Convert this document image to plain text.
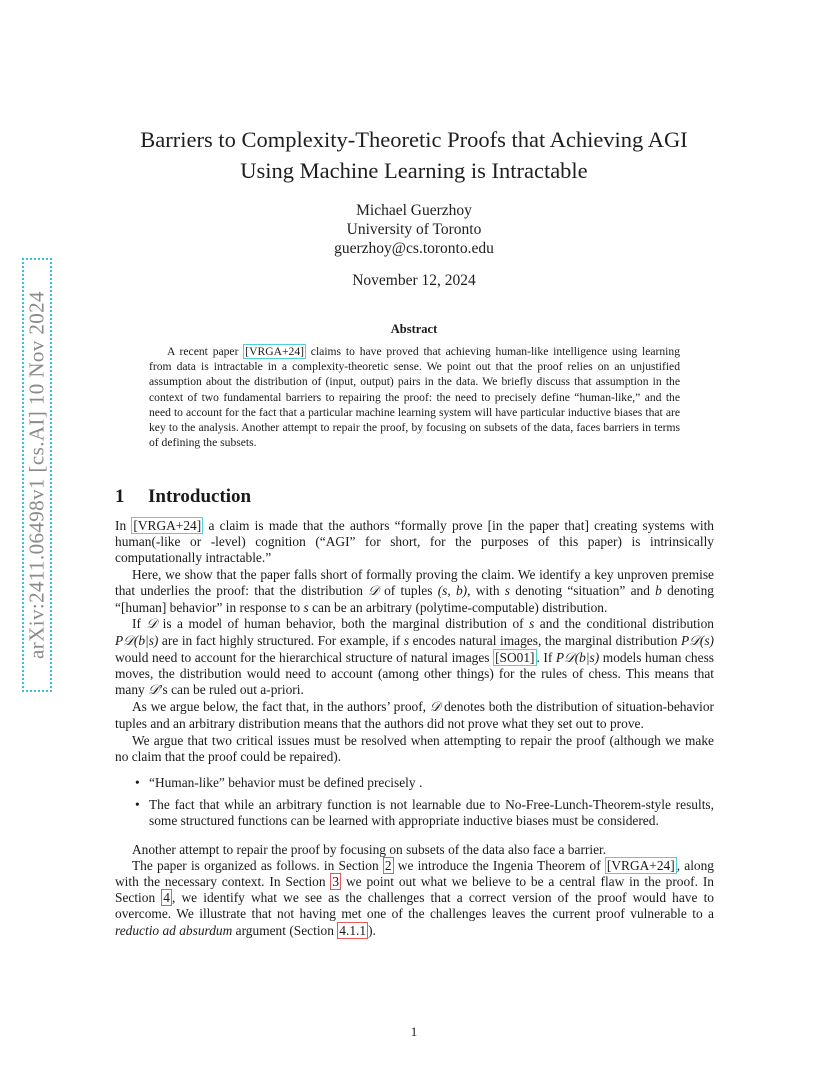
arXiv:2411.06498v1 [cs.AI] 10 Nov 2024
Barriers to Complexity-Theoretic Proofs that Achieving AGI
Using Machine Learning is Intractable
Michael Guerzhoy
University of Toronto
guerzhoy@cs.toronto.edu
November 12, 2024
Abstract
A recent paper [VRGA+24] claims to have proved that achieving human-like intelligence using learning from data is intractable in a complexity-theoretic sense. We point out that the proof relies on an unjustified assumption about the distribution of (input, output) pairs in the data. We briefly discuss that assumption in the context of two fundamental barriers to repairing the proof: the need to precisely define “human-like,” and the need to account for the fact that a particular machine learning system will have particular inductive biases that are key to the analysis. Another attempt to repair the proof, by focusing on subsets of the data, faces barriers in terms of defining the subsets.
1 Introduction

In [VRGA+24] a claim is made that the authors “formally prove [in the paper that] creating systems with human(-like or -level) cognition (“AGI” for short, for the purposes of this paper) is intrinsically computationally intractable.”

Here, we show that the paper falls short of formally proving the claim. We identify a key unproven premise that underlies the proof: that the distribution 𝒟 of tuples (s, b), with s denoting “situation” and b denoting “[human] behavior” in response to s can be an arbitrary (polytime-computable) distribution.

If 𝒟 is a model of human behavior, both the marginal distribution of s and the conditional distribution P𝒟(b|s) are in fact highly structured. For example, if s encodes natural images, the marginal distribution P𝒟(s) would need to account for the hierarchical structure of natural images [SO01] . If P𝒟(b|s) models human chess moves, the distribution would need to account (among other things) for the rules of chess. This means that many 𝒟’s can be ruled out a-priori.

As we argue below, the fact that, in the authors’ proof, 𝒟 denotes both the distribution of situation-behavior tuples and an arbitrary distribution means that the authors did not prove what they set out to prove.

We argue that two critical issues must be resolved when attempting to repair the proof (although we make no claim that the proof could be repaired).

• “Human-like” behavior must be defined precisely .
• The fact that while an arbitrary function is not learnable due to No-Free-Lunch-Theorem-style results, some structured functions can be learned with appropriate inductive biases must be considered.

Another attempt to repair the proof by focusing on subsets of the data also face a barrier.

The paper is organized as follows. in Section 2 we introduce the Ingenia Theorem of [VRGA+24] , along with the necessary context. In Section 3 we point out what we believe to be a central flaw in the proof. In Section 4 , we identify what we see as the challenges that a correct version of the proof would have to overcome. We illustrate that not having met one of the challenges leaves the current proof vulnerable to a reductio ad absurdum argument (Section 4.1.1 ).

1
